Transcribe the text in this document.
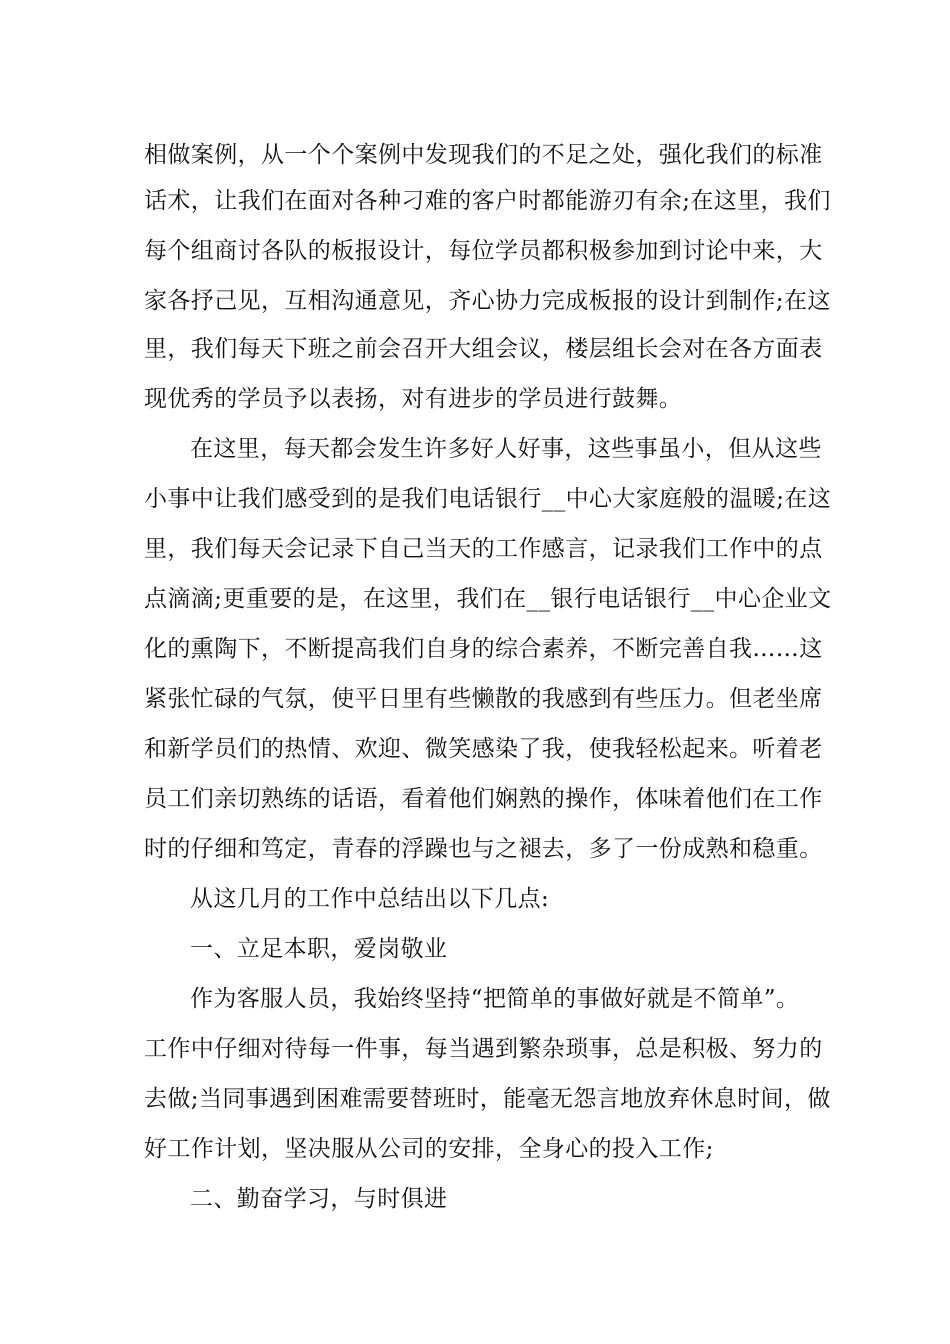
相做案例，从一个个案例中发现我们的不足之处，强化我们的标准
话术，让我们在面对各种刁难的客户时都能游刃有余;在这里，我们
每个组商讨各队的板报设计，每位学员都积极参加到讨论中来，大
家各抒己见，互相沟通意见，齐心协力完成板报的设计到制作;在这
里，我们每天下班之前会召开大组会议，楼层组长会对在各方面表
现优秀的学员予以表扬，对有进步的学员进行鼓舞。
在这里，每天都会发生许多好人好事，这些事虽小，但从这些
小事中让我们感受到的是我们电话银行__中心大家庭般的温暖;在这
里，我们每天会记录下自己当天的工作感言，记录我们工作中的点
点滴滴;更重要的是，在这里，我们在__银行电话银行__中心企业文
化的熏陶下，不断提高我们自身的综合素养，不断完善自我……这
紧张忙碌的气氛，使平日里有些懒散的我感到有些压力。但老坐席
和新学员们的热情、欢迎、微笑感染了我，使我轻松起来。听着老
员工们亲切熟练的话语，看着他们娴熟的操作，体味着他们在工作
时的仔细和笃定，青春的浮躁也与之褪去，多了一份成熟和稳重。
从这几月的工作中总结出以下几点:
一、立足本职，爱岗敬业
作为客服人员，我始终坚持“把简单的事做好就是不简单”。
工作中仔细对待每一件事，每当遇到繁杂琐事，总是积极、努力的
去做;当同事遇到困难需要替班时，能毫无怨言地放弃休息时间，做
好工作计划，坚决服从公司的安排，全身心的投入工作;
二、勤奋学习，与时俱进
